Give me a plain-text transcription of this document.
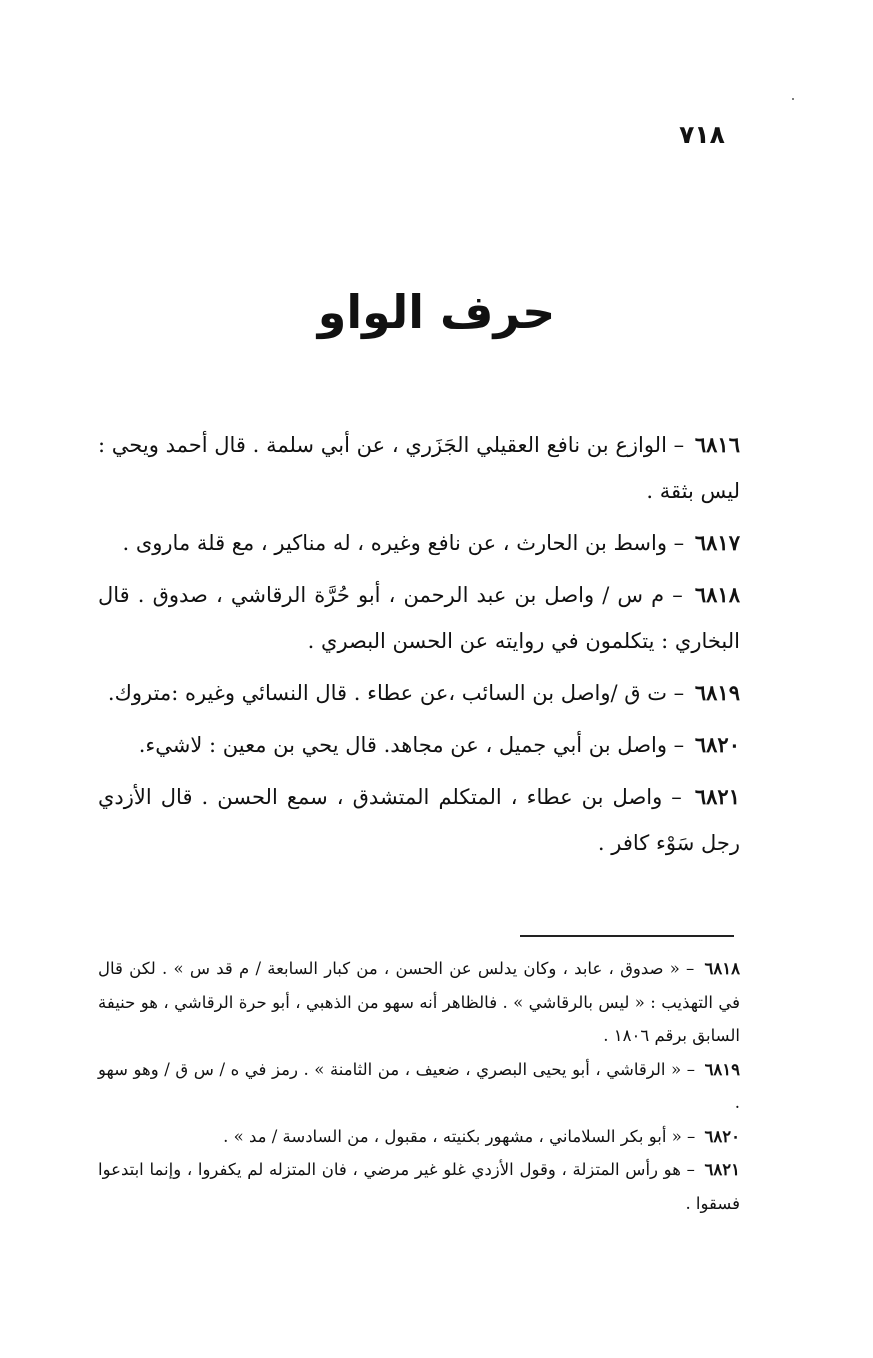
٧١٨
حرف الواو

٦٨١٦ – الوازع بن نافع العقيلي الجَزَري ، عن أبي سلمة . قال أحمد ويحي : ليس بثقة .

٦٨١٧ – واسط بن الحارث ، عن نافع وغيره ، له مناكير ، مع قلة ماروى .

٦٨١٨ – م س / واصل بن عبد الرحمن ، أبو حُرَّة الرقاشي ، صدوق . قال البخاري : يتكلمون في روايته عن الحسن البصري .

٦٨١٩ – ت ق /واصل بن السائب ،عن عطاء . قال النسائي وغيره :متروك.

٦٨٢٠ – واصل بن أبي جميل ، عن مجاهد. قال يحي بن معين : لاشيء.

٦٨٢١ – واصل بن عطاء ، المتكلم المتشدق ، سمع الحسن . قال الأزدي رجل سَوْء كافر .

٦٨١٨ – « صدوق ، عابد ، وكان يدلس عن الحسن ، من كبار السابعة / م قد س » . لكن قال في التهذيب : « ليس بالرقاشي » . فالظاهر أنه سهو من الذهبي ، أبو حرة الرقاشي ، هو حنيفة السابق برقم ١٨٠٦ .

٦٨١٩ – « الرقاشي ، أبو يحيى البصري ، ضعيف ، من الثامنة » . رمز في ه / س ق / وهو سهو .

٦٨٢٠ – « أبو بكر السلاماني ، مشهور بكنيته ، مقبول ، من السادسة / مد » .

٦٨٢١ – هو رأس المتزلة ، وقول الأزدي غلو غير مرضي ، فان المتزله لم يكفروا ، وإنما ابتدعوا فسقوا .
